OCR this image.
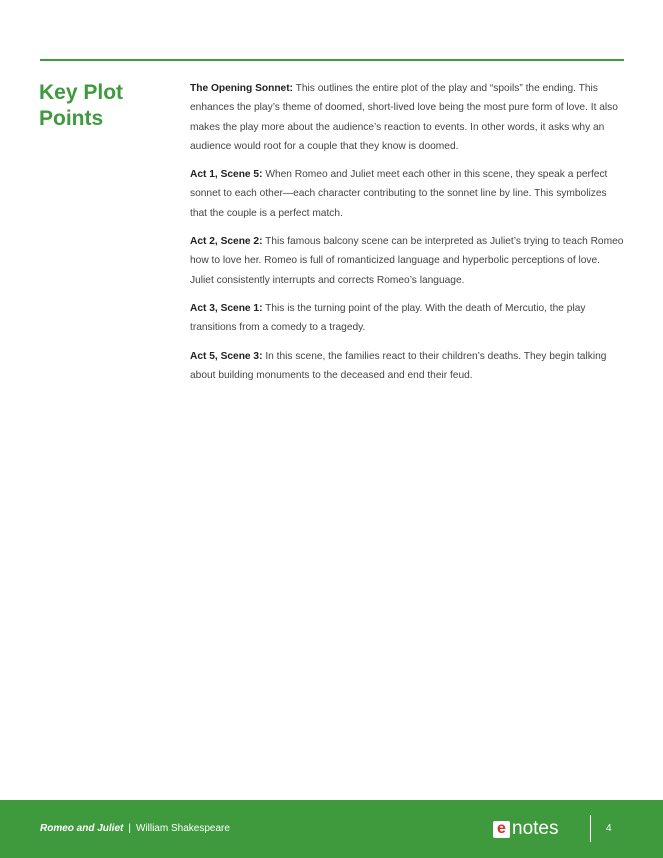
Key Plot Points

The Opening Sonnet: This outlines the entire plot of the play and “spoils” the ending. This enhances the play’s theme of doomed, short-lived love being the most pure form of love. It also makes the play more about the audience’s reaction to events. In other words, it asks why an audience would root for a couple that they know is doomed.

Act 1, Scene 5: When Romeo and Juliet meet each other in this scene, they speak a perfect sonnet to each other—each character contributing to the sonnet line by line. This symbolizes that the couple is a perfect match.

Act 2, Scene 2: This famous balcony scene can be interpreted as Juliet’s trying to teach Romeo how to love her. Romeo is full of romanticized language and hyperbolic perceptions of love. Juliet consistently interrupts and corrects Romeo’s language.

Act 3, Scene 1: This is the turning point of the play. With the death of Mercutio, the play transitions from a comedy to a tragedy.

Act 5, Scene 3: In this scene, the families react to their children’s deaths. They begin talking about building monuments to the deceased and end their feud.

Romeo and Juliet | William Shakespeare	e notes	4
